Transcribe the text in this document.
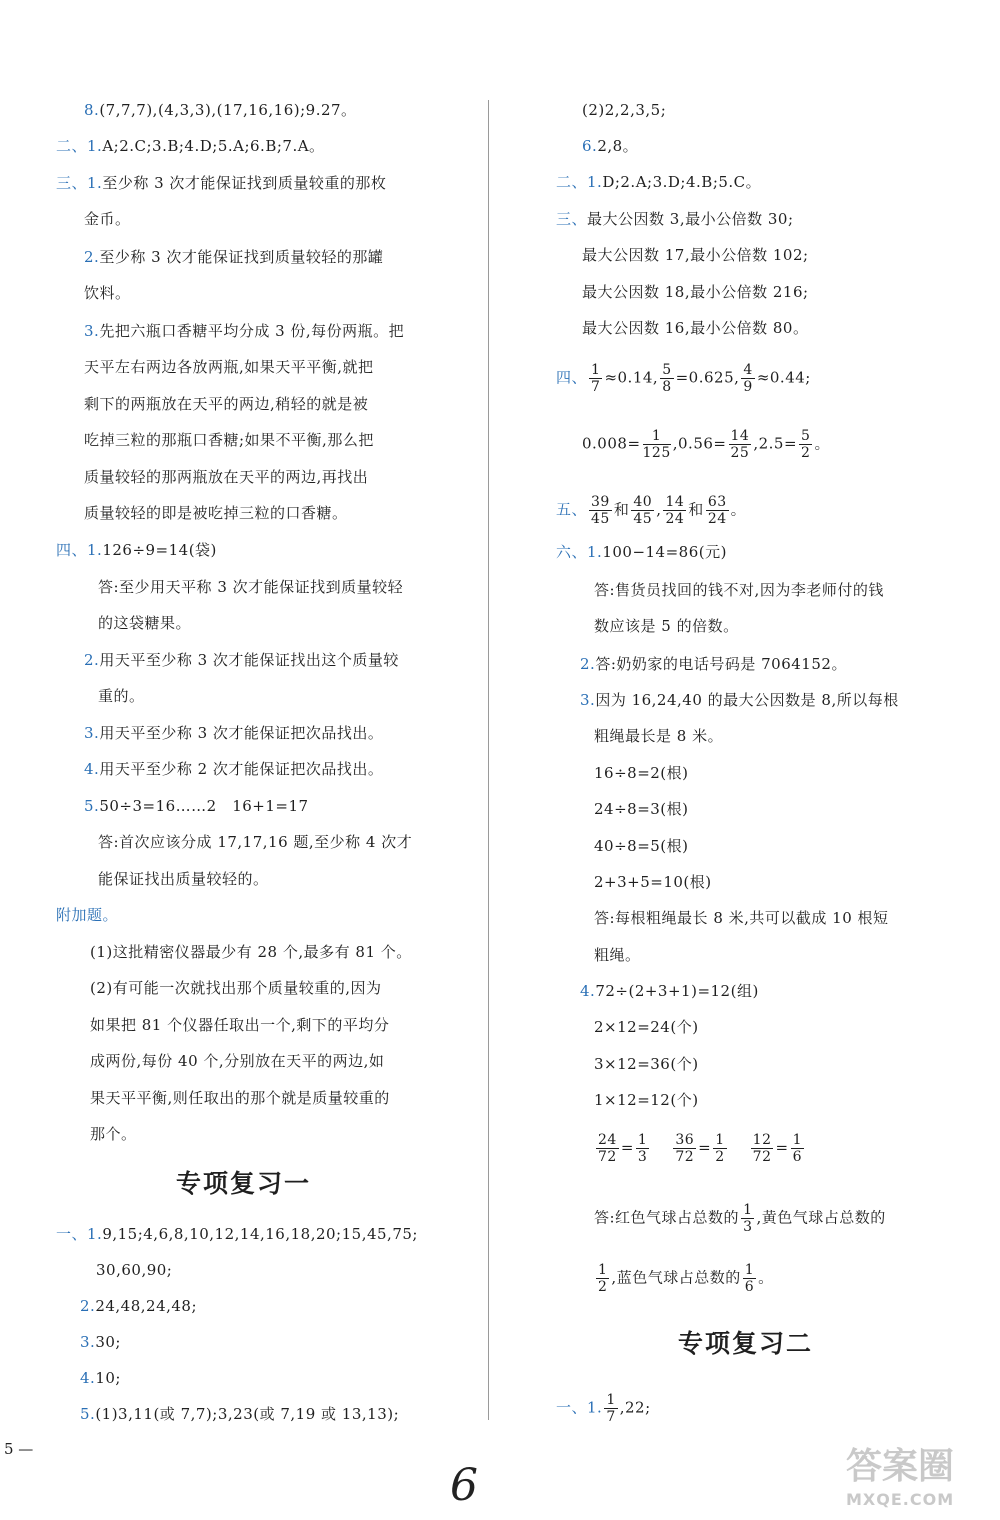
8.(7,7,7),(4,3,3),(17,16,16);9.27。
二、1.A;2.C;3.B;4.D;5.A;6.B;7.A。
三、1.至少称 3 次才能保证找到质量较重的那枚
金币。
2.至少称 3 次才能保证找到质量较轻的那罐
饮料。
3.先把六瓶口香糖平均分成 3 份,每份两瓶。把
天平左右两边各放两瓶,如果天平平衡,就把
剩下的两瓶放在天平的两边,稍轻的就是被
吃掉三粒的那瓶口香糖;如果不平衡,那么把
质量较轻的那两瓶放在天平的两边,再找出
质量较轻的即是被吃掉三粒的口香糖。
四、1.126÷9=14(袋)
答:至少用天平称 3 次才能保证找到质量较轻
的这袋糖果。
2.用天平至少称 3 次才能保证找出这个质量较
重的。
3.用天平至少称 3 次才能保证把次品找出。
4.用天平至少称 2 次才能保证把次品找出。
5.50÷3=16……2　16+1=17
答:首次应该分成 17,17,16 题,至少称 4 次才
能保证找出质量较轻的。
附加题。
(1)这批精密仪器最少有 28 个,最多有 81 个。
(2)有可能一次就找出那个质量较重的,因为
如果把 81 个仪器任取出一个,剩下的平均分
成两份,每份 40 个,分别放在天平的两边,如
果天平平衡,则任取出的那个就是质量较重的
那个。
专项复习一
一、1.9,15;4,6,8,10,12,14,16,18,20;15,45,75;
30,60,90;
2.24,48,24,48;
3.30;
4.10;
5.(1)3,11(或 7,7);3,23(或 7,19 或 13,13);
(2)2,2,3,5;
6.2,8。
二、1.D;2.A;3.D;4.B;5.C。
三、最大公因数 3,最小公倍数 30;
最大公因数 17,最小公倍数 102;
最大公因数 18,最小公倍数 216;
最大公因数 16,最小公倍数 80。
四、 $\frac{1}{7} \approx 0.14$, $\frac{5}{8} =0.625$, $\frac{4}{9} \approx 0.44$;
$0.008= \frac{1}{125} ,0.56= \frac{14}{25} ,2.5= \frac{5}{2}$ 。
五、 $\frac{39}{45}$ 和 $\frac{40}{45}$ , $\frac{14}{24}$ 和 $\frac{63}{24}$ 。
六、1.100−14=86(元)
答:售货员找回的钱不对,因为李老师付的钱
数应该是 5 的倍数。
2.答:奶奶家的电话号码是 7064152。
3.因为 16,24,40 的最大公因数是 8,所以每根
粗绳最长是 8 米。
16÷8=2(根)
24÷8=3(根)
40÷8=5(根)
2+3+5=10(根)
答:每根粗绳最长 8 米,共可以截成 10 根短
粗绳。
4.72÷(2+3+1)=12(组)
2×12=24(个)
3×12=36(个)
1×12=12(个)
$\frac{24}{72} = \frac{1}{3} \frac{36}{72} = \frac{1}{2} \frac{12}{72} = \frac{1}{6}$
答:红色气球占总数的 $\frac{1}{3}$ ,黄色气球占总数的
$\frac{1}{2}$ ,蓝色气球占总数的 $\frac{1}{6}$ 。
专项复习二
一、1. $\frac{1}{7} ,22$;
5 —
6	答案圈
MXQE.COM
